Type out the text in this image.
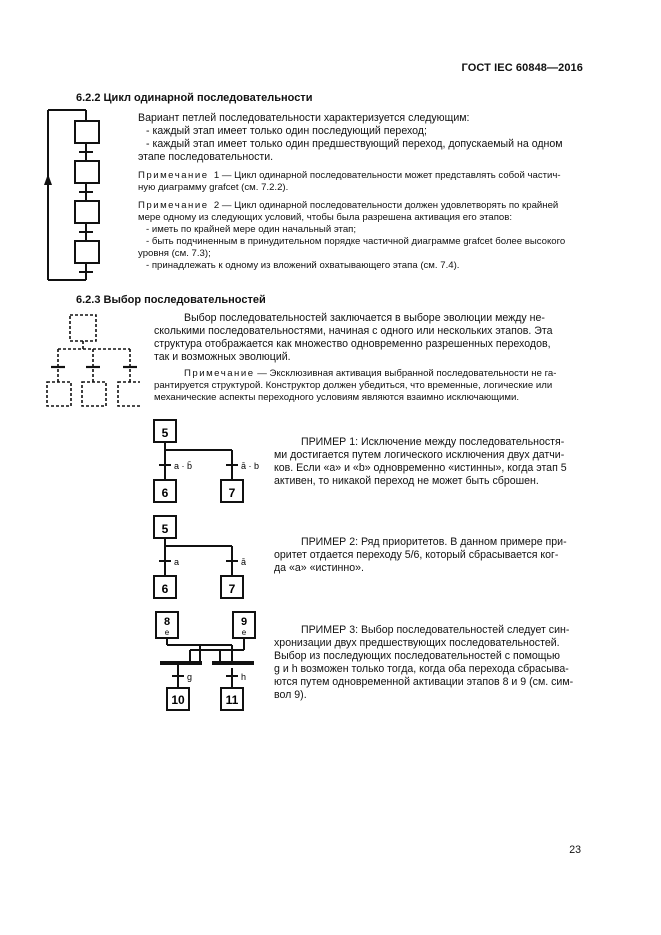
ГОСТ IEC 60848—2016
6.2.2 Цикл одинарной последовательности
Вариант петлей последовательности характеризуется следующим:
- каждый этап имеет только один последующий переход;
- каждый этап имеет только один предшествующий переход, допускаемый на одном
этапе последовательности.
Примечание 1 — Цикл одинарной последовательности может представлять собой частич-
ную диаграмму grafcet (см. 7.2.2).
Примечание 2 — Цикл одинарной последовательности должен удовлетворять по крайней
мере одному из следующих условий, чтобы была разрешена активация его этапов:
- иметь по крайней мере один начальный этап;
- быть подчиненным в принудительном порядке частичной диаграмме grafcet более высокого
уровня (см. 7.3);
- принадлежать к одному из вложений охватывающего этапа (см. 7.4).
6.2.3 Выбор последовательностей
Выбор последовательностей заключается в выборе эволюции между не-
сколькими последовательностями, начиная с одного или нескольких этапов. Эта
структура отображается как множество одновременно разрешенных переходов,
так и возможных эволюций.
Примечание — Эксклюзивная активация выбранной последовательности не га-
рантируется структурой. Конструктор должен убедиться, что временные, логические или
механические аспекты переходного условиям являются взаимно исключающими.
5
6	7
a · b̄	ā · b
ПРИМЕР 1: Исключение между последовательностя-
ми достигается путем логического исключения двух датчи-
ков. Если «a» и «b» одновременно «истинны», когда этап 5
активен, то никакой переход не может быть сброшен.
5
6	7
a	ā
ПРИМЕР 2: Ряд приоритетов. В данном примере при-
оритет отдается переходу 5/6, который сбрасывается ког-
да «a» «истинно».
8	9
e	e
g	h
10	11
ПРИМЕР 3: Выбор последовательностей следует син-
хронизации двух предшествующих последовательностей.
Выбор из последующих последовательностей с помощью
g и h возможен только тогда, когда оба перехода сбрасыва-
ются путем одновременной активации этапов 8 и 9 (см. сим-
вол 9).
23
